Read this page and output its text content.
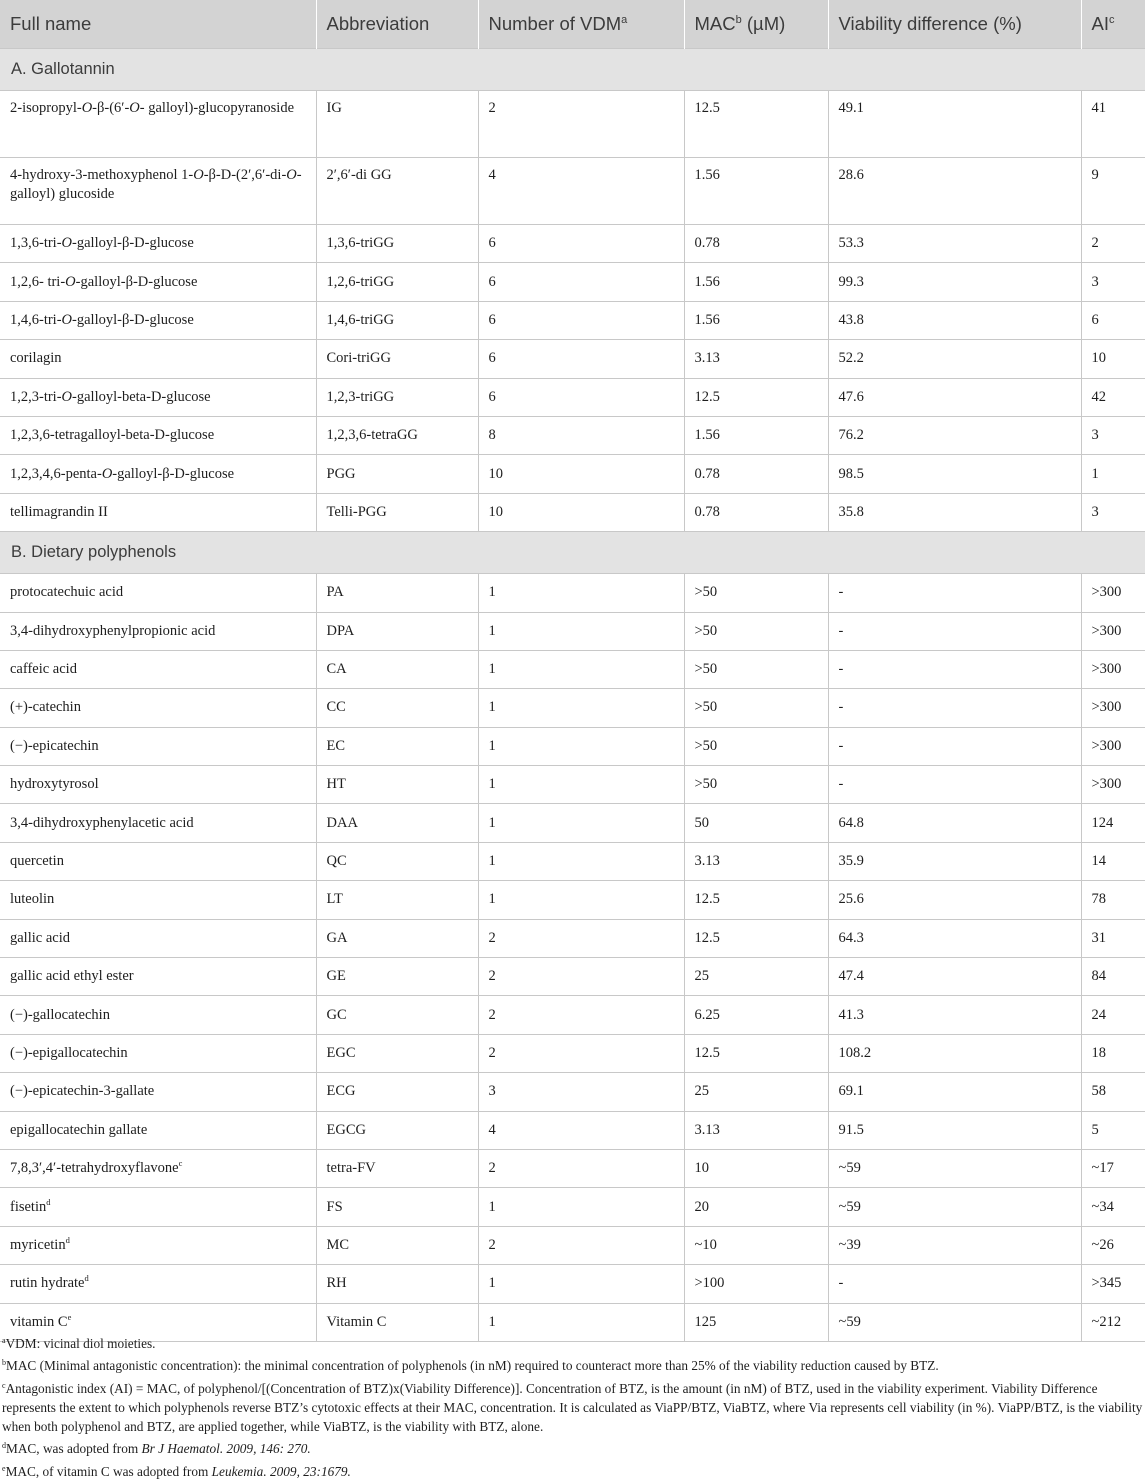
Full name	Abbreviation	Number of VDM$^a$	MAC$^b$ (µM)	Viability difference (%)	$AI^c$
A. Gallotannin					
2-isopropyl-O-β-(6′-O- galloyl)-glucopyranoside	IG	2	12.5	49.1	41
4-hydroxy-3-methoxyphenol 1-O-β-D-(2′,6′-di-O-galloyl) glucoside	2′,6′-di GG	4	1.56	28.6	9
1,3,6-tri-O-galloyl-β-D-glucose	1,3,6-triGG	6	0.78	53.3	2
1,2,6- tri-O-galloyl-β-D-glucose	1,2,6-triGG	6	1.56	99.3	3
1,4,6-tri-O-galloyl-β-D-glucose	1,4,6-triGG	6	1.56	43.8	6
corilagin	Cori-triGG	6	3.13	52.2	10
1,2,3-tri-O-galloyl-beta-D-glucose	1,2,3-triGG	6	12.5	47.6	42
1,2,3,6-tetragalloyl-beta-D-glucose	1,2,3,6-tetraGG	8	1.56	76.2	3
1,2,3,4,6-penta-O-galloyl-β-D-glucose	PGG	10	0.78	98.5	1
tellimagrandin II	Telli-PGG	10	0.78	35.8	3
B. Dietary polyphenols					
protocatechuic acid	PA	1	>50	-	>300
3,4-dihydroxyphenylpropionic acid	DPA	1	>50	-	>300
caffeic acid	CA	1	>50	-	>300
(+)-catechin	CC	1	>50	-	>300
(−)-epicatechin	EC	1	>50	-	>300
hydroxytyrosol	HT	1	>50	-	>300
3,4-dihydroxyphenylacetic acid	DAA	1	50	64.8	124
quercetin	QC	1	3.13	35.9	14
luteolin	LT	1	12.5	25.6	78
gallic acid	GA	2	12.5	64.3	31
gallic acid ethyl ester	GE	2	25	47.4	84
(−)-gallocatechin	GC	2	6.25	41.3	24
(−)-epigallocatechin	EGC	2	12.5	108.2	18
(−)-epicatechin-3-gallate	ECG	3	25	69.1	58
epigallocatechin gallate	EGCG	4	3.13	91.5	5
7,8,3′,4′-tetrahydroxyflavone$^c$	tetra-FV	2	10	~59	~17
fisetin$^d$	FS	1	20	~59	~34
myricetin$^d$	MC	2	~10	~39	~26
rutin hydrate$^d$	RH	1	>100	-	>345
vitamin Ce	Vitamin C	1	125	~59	~212
$^a$VDM: vicinal diol moieties.
$^b$MAC (Minimal antagonistic concentration): the minimal concentration of polyphenols (in nM) required to counteract more than 25% of the viability reduction caused by BTZ.
$^c$Antagonistic index (AI) = MAC, of polyphenol/[(Concentration of BTZ)x(Viability Difference)]. Concentration of BTZ, is the amount (in nM) of BTZ, used in the viability experiment. Viability Difference represents the extent to which polyphenols reverse BTZ’s cytotoxic effects at their MAC, concentration. It is calculated as ViaPP/BTZ, ViaBTZ, where Via represents cell viability (in %). ViaPP/BTZ, is the viability when both polyphenol and BTZ, are applied together, while ViaBTZ, is the viability with BTZ, alone.
$^d$MAC, was adopted from Br J Haematol. 2009, 146: 270.
$^e$MAC, of vitamin C was adopted from Leukemia. 2009, 23:1679.
